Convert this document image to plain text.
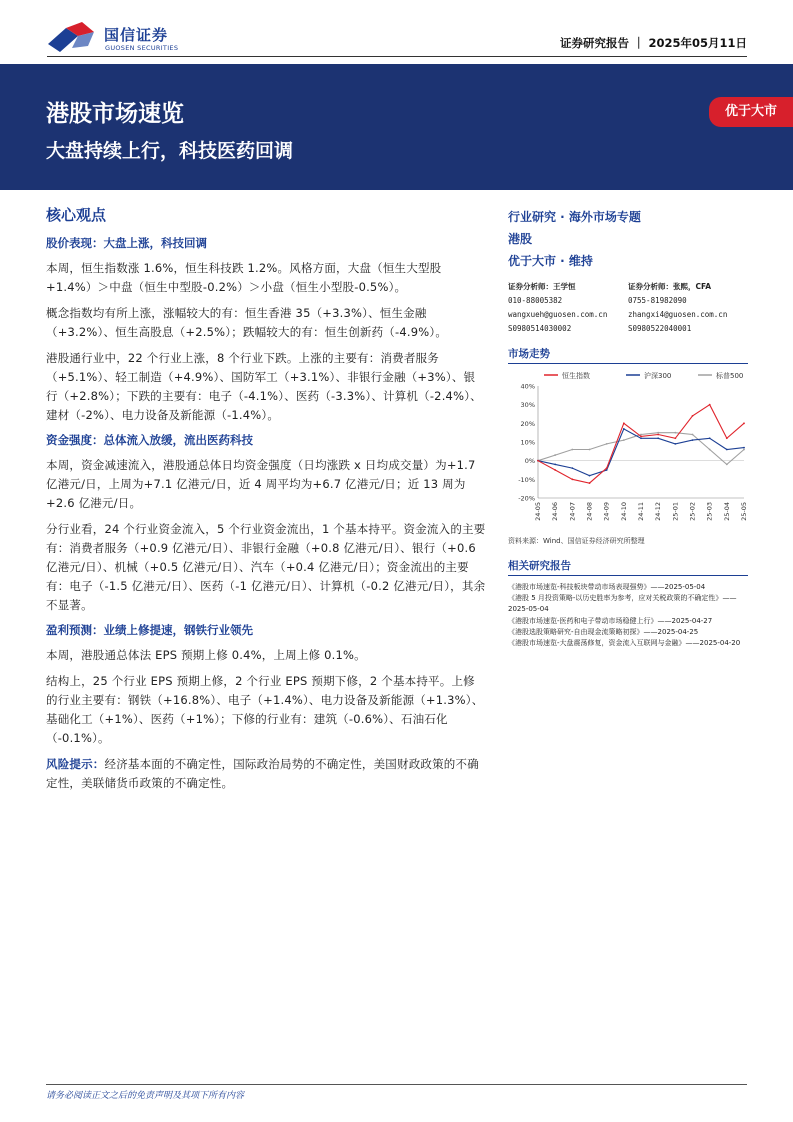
国信证券
GUOSEN SECURITIES	证券研究报告 ｜ 2025年05月11日
港股市场速览
大盘持续上行，科技医药回调
优于大市
核心观点
股价表现：大盘上涨，科技回调

本周，恒生指数涨 1.6%，恒生科技跌 1.2%。风格方面，大盘（恒生大型股+1.4%）＞中盘（恒生中型股-0.2%）＞小盘（恒生小型股-0.5%）。

概念指数均有所上涨，涨幅较大的有：恒生香港 35（+3.3%）、恒生金融（+3.2%）、恒生高股息（+2.5%）；跌幅较大的有：恒生创新药（-4.9%）。

港股通行业中，22 个行业上涨，8 个行业下跌。上涨的主要有：消费者服务（+5.1%）、轻工制造（+4.9%）、国防军工（+3.1%）、非银行金融（+3%）、银行（+2.8%）；下跌的主要有：电子（-4.1%）、医药（-3.3%）、计算机（-2.4%）、建材（-2%）、电力设备及新能源（-1.4%）。

资金强度：总体流入放缓，流出医药科技

本周，资金减速流入，港股通总体日均资金强度（日均涨跌 x 日均成交量）为+1.7 亿港元/日，上周为+7.1 亿港元/日，近 4 周平均为+6.7 亿港元/日；近 13 周为+2.6 亿港元/日。

分行业看，24 个行业资金流入，5 个行业资金流出，1 个基本持平。资金流入的主要有：消费者服务（+0.9 亿港元/日）、非银行金融（+0.8 亿港元/日）、银行（+0.6 亿港元/日）、机械（+0.5 亿港元/日）、汽车（+0.4 亿港元/日）；资金流出的主要有：电子（-1.5 亿港元/日）、医药（-1 亿港元/日）、计算机（-0.2 亿港元/日），其余不显著。

盈利预测：业绩上修提速，钢铁行业领先

本周，港股通总体法 EPS 预期上修 0.4%，上周上修 0.1%。

结构上，25 个行业 EPS 预期上修，2 个行业 EPS 预期下修，2 个基本持平。上修的行业主要有：钢铁（+16.8%）、电子（+1.4%）、电力设备及新能源（+1.3%）、基础化工（+1%）、医药（+1%）；下修的行业有：建筑（-0.6%）、石油石化（-0.1%）。

风险提示：经济基本面的不确定性，国际政治局势的不确定性，美国财政政策的不确定性，美联储货币政策的不确定性。

行业研究 · 海外市场专题
港股
优于大市 · 维持
证券分析师：王学恒
010-88005382
wangxueh@guosen.com.cn
S0980514030002
证券分析师：张熙，CFA
0755-81982090
zhangxi4@guosen.com.cn
S0980522040001
市场走势
恒生指数	沪深300	标普500
40%
30%
20%
10%
0%
-10%
-20%
24-05 24-06 24-07 24-08 24-09 24-10 24-11 24-12 25-01 25-02 25-03 25-04 25-05
资料来源：Wind、国信证券经济研究所整理
相关研究报告
《港股市场速览-科技板块带动市场表现强势》——2025-05-04
《港股 5 月投资策略-以历史胜率为参考，应对关税政策的不确定性》——2025-05-04
《港股市场速览-医药和电子带动市场稳健上行》——2025-04-27
《港股选股策略研究-自由现金流策略初探》——2025-04-25
《港股市场速览-大盘震荡修复，资金流入互联网与金融》——2025-04-20
请务必阅读正文之后的免责声明及其项下所有内容
